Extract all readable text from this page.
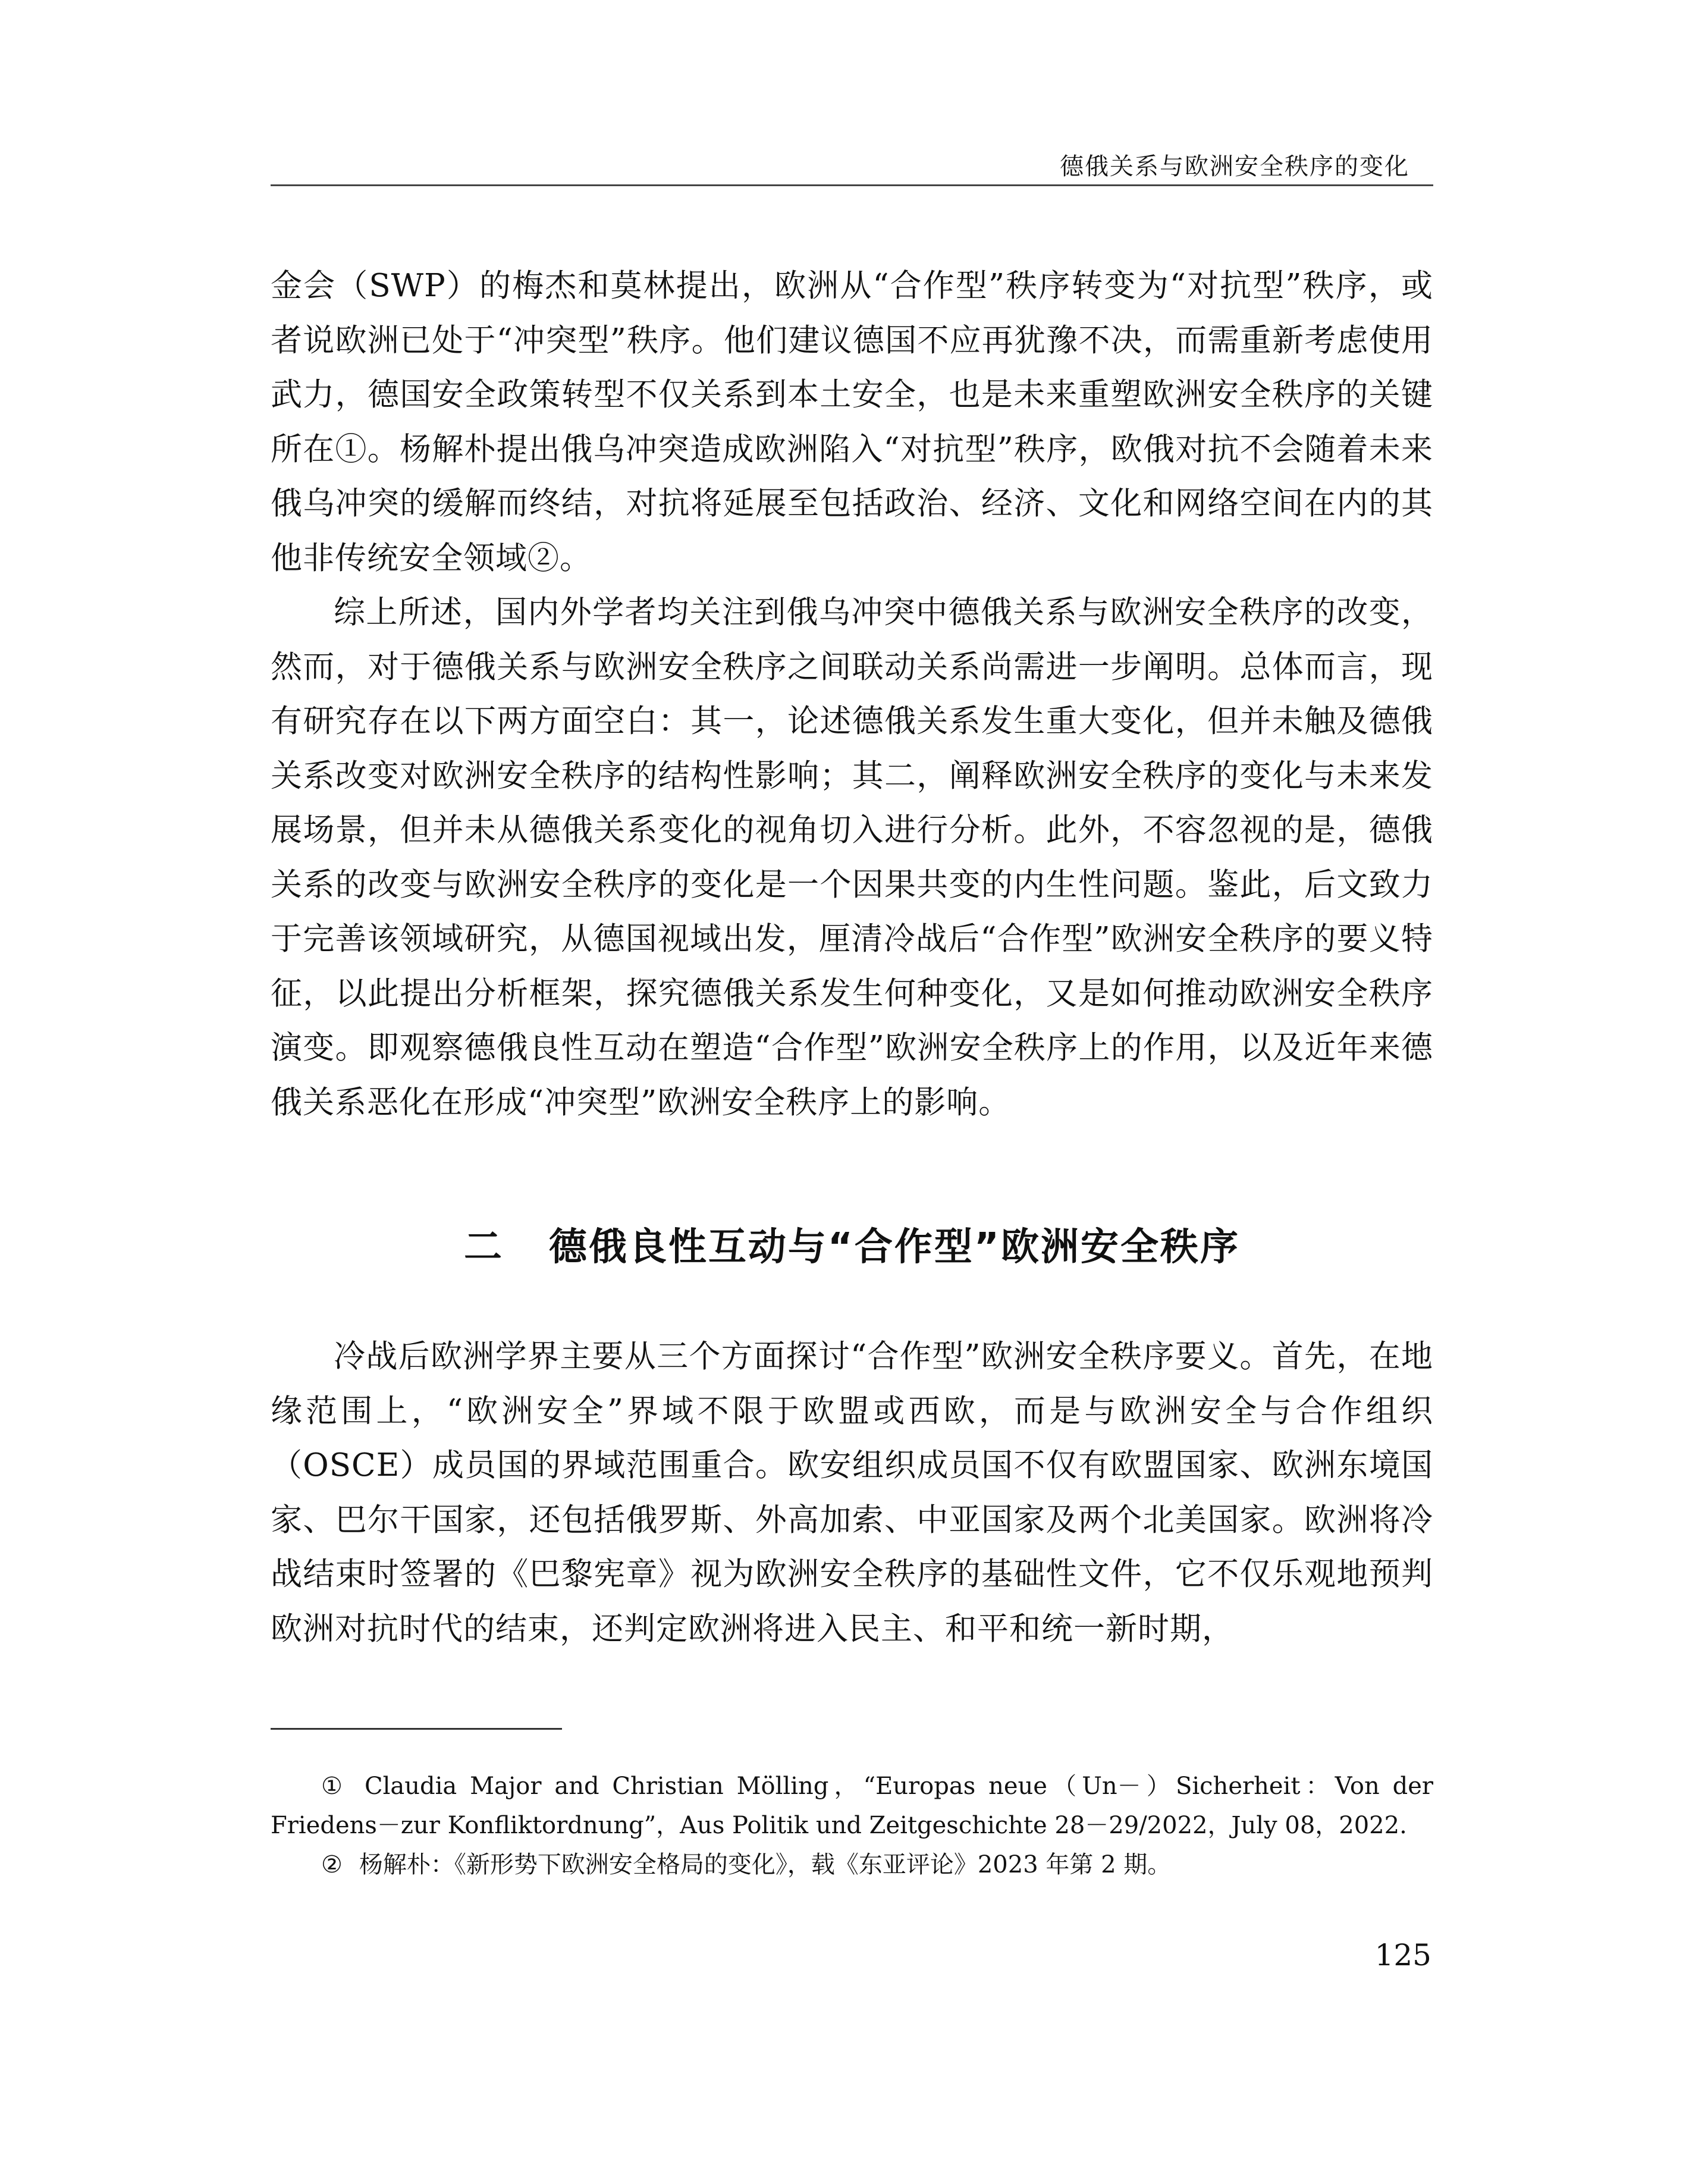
德俄关系与欧洲安全秩序的变化

金会（SWP）的梅杰和莫林提出，欧洲从“合作型”秩序转变为“对抗型”秩序，或者说欧洲已处于“冲突型”秩序。他们建议德国不应再犹豫不决，而需重新考虑使用武力，德国安全政策转型不仅关系到本土安全，也是未来重塑欧洲安全秩序的关键所在①。杨解朴提出俄乌冲突造成欧洲陷入“对抗型”秩序，欧俄对抗不会随着未来俄乌冲突的缓解而终结，对抗将延展至包括政治、经济、文化和网络空间在内的其他非传统安全领域②。

综上所述，国内外学者均关注到俄乌冲突中德俄关系与欧洲安全秩序的改变，然而，对于德俄关系与欧洲安全秩序之间联动关系尚需进一步阐明。总体而言，现有研究存在以下两方面空白：其一，论述德俄关系发生重大变化，但并未触及德俄关系改变对欧洲安全秩序的结构性影响；其二，阐释欧洲安全秩序的变化与未来发展场景，但并未从德俄关系变化的视角切入进行分析。此外，不容忽视的是，德俄关系的改变与欧洲安全秩序的变化是一个因果共变的内生性问题。鉴此，后文致力于完善该领域研究，从德国视域出发，厘清冷战后“合作型”欧洲安全秩序的要义特征，以此提出分析框架，探究德俄关系发生何种变化，又是如何推动欧洲安全秩序演变。即观察德俄良性互动在塑造“合作型”欧洲安全秩序上的作用，以及近年来德俄关系恶化在形成“冲突型”欧洲安全秩序上的影响。

二   德俄良性互动与“合作型”欧洲安全秩序

冷战后欧洲学界主要从三个方面探讨“合作型”欧洲安全秩序要义。首先，在地缘范围上，“欧洲安全”界域不限于欧盟或西欧，而是与欧洲安全与合作组织（OSCE）成员国的界域范围重合。欧安组织成员国不仅有欧盟国家、欧洲东境国家、巴尔干国家，还包括俄罗斯、外高加索、中亚国家及两个北美国家。欧洲将冷战结束时签署的《巴黎宪章》视为欧洲安全秩序的基础性文件，它不仅乐观地预判欧洲对抗时代的结束，还判定欧洲将进入民主、和平和统一新时期，

① Claudia Major and Christian Mölling，“Europas neue（Un－）Sicherheit：Von der Friedens－zur Konfliktordnung”，Aus Politik und Zeitgeschichte 28－29/2022，July 08，2022.

② 杨解朴：《新形势下欧洲安全格局的变化》，载《东亚评论》2023 年第 2 期。

125
